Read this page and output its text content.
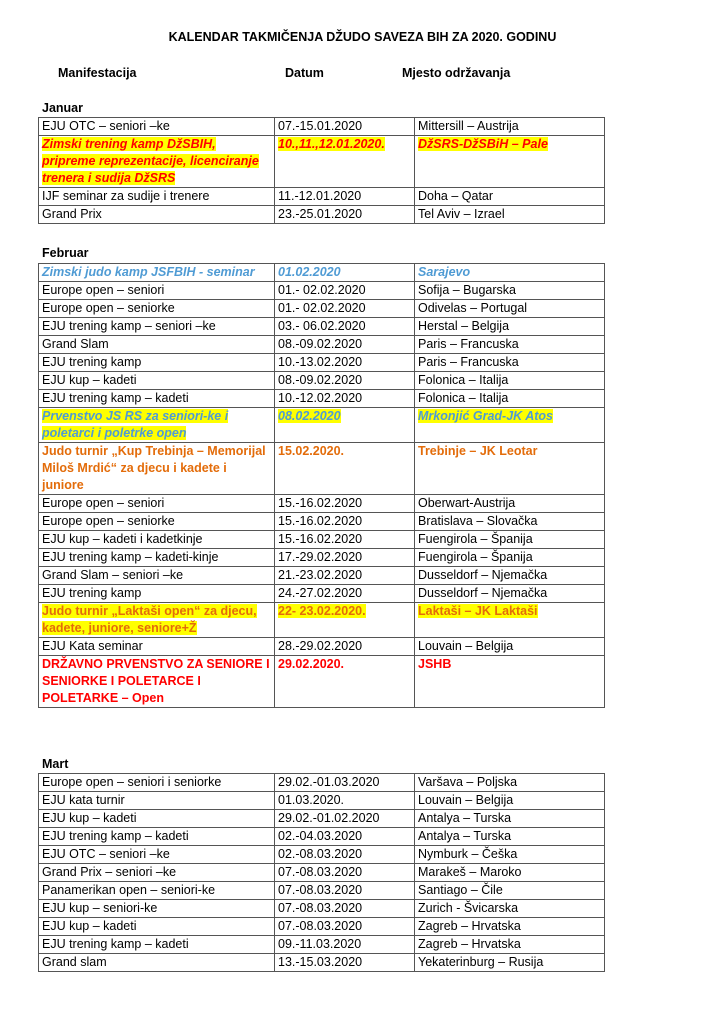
KALENDAR TAKMIČENJA DŽUDO SAVEZA BIH ZA 2020. GODINU
Manifestacija	Datum	Mjesto održavanja
Januar
EJU OTC – seniori –ke	07.-15.01.2020	Mittersill – Austrija
Zimski trening kamp DžSBIH, pripreme reprezentacije, licenciranje trenera i sudija DžSRS	10.,11.,12.01.2020.	DžSRS-DžSBiH – Pale
IJF seminar za sudije i trenere	11.-12.01.2020	Doha – Qatar
Grand Prix	23.-25.01.2020	Tel Aviv – Izrael
Februar
Zimski judo kamp JSFBIH - seminar	01.02.2020	Sarajevo
Europe open – seniori	01.- 02.02.2020	Sofija – Bugarska
Europe open – seniorke	01.- 02.02.2020	Odivelas – Portugal
EJU trening kamp – seniori –ke	03.- 06.02.2020	Herstal – Belgija
Grand Slam	08.-09.02.2020	Paris – Francuska
EJU trening kamp	10.-13.02.2020	Paris – Francuska
EJU kup – kadeti	08.-09.02.2020	Folonica – Italija
EJU trening kamp – kadeti	10.-12.02.2020	Folonica – Italija
Prvenstvo JS RS za seniori-ke i poletarci i poletrke open	08.02.2020	Mrkonjić Grad-JK Atos
Judo turnir „Kup Trebinja – Memorijal Miloš Mrdić“ za djecu i kadete i juniore	15.02.2020.	Trebinje – JK Leotar
Europe open – seniori	15.-16.02.2020	Oberwart-Austrija
Europe open – seniorke	15.-16.02.2020	Bratislava – Slovačka
EJU kup – kadeti i kadetkinje	15.-16.02.2020	Fuengirola – Španija
EJU trening kamp – kadeti-kinje	17.-29.02.2020	Fuengirola – Španija
Grand Slam – seniori –ke	21.-23.02.2020	Dusseldorf – Njemačka
EJU trening kamp	24.-27.02.2020	Dusseldorf – Njemačka
Judo turnir „Laktaši open“ za djecu, kadete, juniore, seniore+Ž	22- 23.02.2020.	Laktaši – JK Laktaši
EJU Kata seminar	28.-29.02.2020	Louvain – Belgija
DRŽAVNO PRVENSTVO ZA SENIORE I SENIORKE I POLETARCE I POLETARKE – Open	29.02.2020.	JSHB
Mart
Europe open – seniori i seniorke	29.02.-01.03.2020	Varšava – Poljska
EJU kata turnir	01.03.2020.	Louvain – Belgija
EJU kup – kadeti	29.02.-01.02.2020	Antalya – Turska
EJU trening kamp – kadeti	02.-04.03.2020	Antalya – Turska
EJU OTC – seniori –ke	02.-08.03.2020	Nymburk – Češka
Grand Prix – seniori –ke	07.-08.03.2020	Marakeš – Maroko
Panamerikan open – seniori-ke	07.-08.03.2020	Santiago – Čile
EJU kup – seniori-ke	07.-08.03.2020	Zurich - Švicarska
EJU kup – kadeti	07.-08.03.2020	Zagreb – Hrvatska
EJU trening kamp – kadeti	09.-11.03.2020	Zagreb – Hrvatska
Grand slam	13.-15.03.2020	Yekaterinburg – Rusija
